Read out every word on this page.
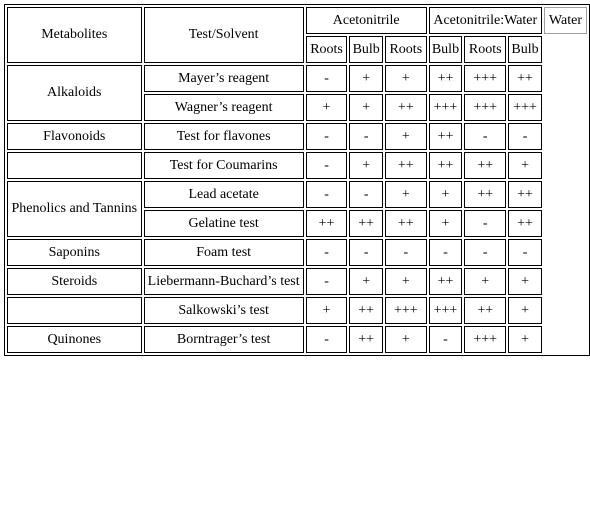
Metabolites	Test/Solvent	Acetonitrile			Acetonitrile:Water			Water
		Roots	Bulb	Roots	Bulb	Roots	Bulb	
Alkaloids	Mayer’s reagent	-	+	+	++	+++	++	
	Wagner’s reagent	+	+	++	+++	+++	+++	
Flavonoids	Test for flavones	-	-	+	++	-	-	
	Test for Coumarins	-	+	++	++	++	+	
Phenolics and Tannins	Lead acetate	-	-	+	+	++	++	
	Gelatine test	++	++	++	+	-	++	
Saponins	Foam test	-	-	-	-	-	-	
Steroids	Liebermann-Buchard’s test	-	+	+	++	+	+	
	Salkowski’s test	+	++	+++	+++	++	+	
Quinones	Borntrager’s test	-	++	+	-	+++	+	
